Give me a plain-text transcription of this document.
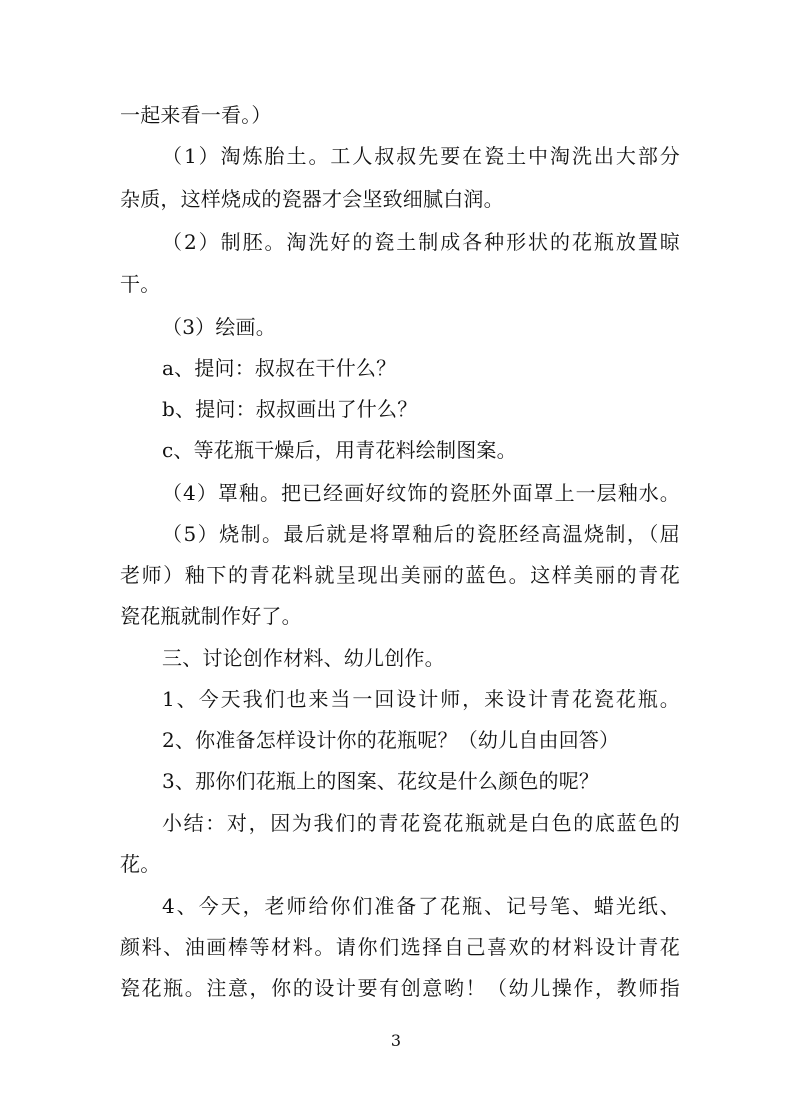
一起来看一看。）
（1）淘炼胎土。工人叔叔先要在瓷土中淘洗出大部分
杂质，这样烧成的瓷器才会坚致细腻白润。
（2）制胚。淘洗好的瓷土制成各种形状的花瓶放置晾
干。
（3）绘画。
a、提问：叔叔在干什么？
b、提问：叔叔画出了什么？
c、等花瓶干燥后，用青花料绘制图案。
（4）罩釉。把已经画好纹饰的瓷胚外面罩上一层釉水。
（5）烧制。最后就是将罩釉后的瓷胚经高温烧制，（屈
老师）釉下的青花料就呈现出美丽的蓝色。这样美丽的青花
瓷花瓶就制作好了。
三、讨论创作材料、幼儿创作。
1、今天我们也来当一回设计师，来设计青花瓷花瓶。
2、你准备怎样设计你的花瓶呢？（幼儿自由回答）
3、那你们花瓶上的图案、花纹是什么颜色的呢？
小结：对，因为我们的青花瓷花瓶就是白色的底蓝色的
花。
4、今天，老师给你们准备了花瓶、记号笔、蜡光纸、
颜料、油画棒等材料。请你们选择自己喜欢的材料设计青花
瓷花瓶。注意，你的设计要有创意哟！（幼儿操作，教师指
3
